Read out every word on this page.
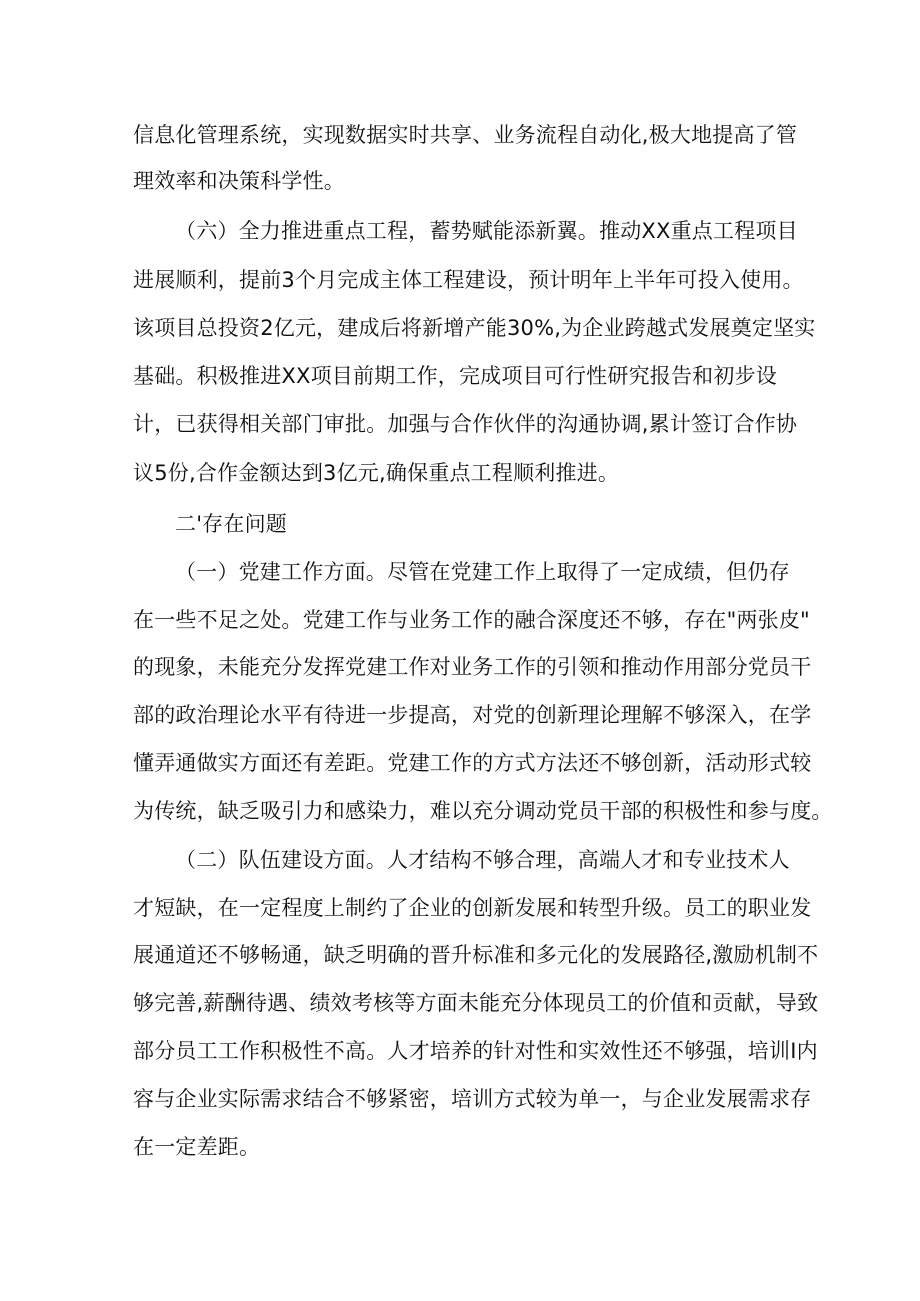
信息化管理系统，实现数据实时共享、业务流程自动化,极大地提高了管
理效率和决策科学性。
（六）全力推进重点工程，蓄势赋能添新翼。推动XX重点工程项目
进展顺利，提前3个月完成主体工程建设，预计明年上半年可投入使用。
该项目总投资2亿元，建成后将新增产能30%,为企业跨越式发展奠定坚实
基础。积极推进XX项目前期工作，完成项目可行性研究报告和初步设
计，已获得相关部门审批。加强与合作伙伴的沟通协调,累计签订合作协
议5份,合作金额达到3亿元,确保重点工程顺利推进。
二'存在问题
（一）党建工作方面。尽管在党建工作上取得了一定成绩，但仍存
在一些不足之处。党建工作与业务工作的融合深度还不够，存在"两张皮"
的现象，未能充分发挥党建工作对业务工作的引领和推动作用部分党员干
部的政治理论水平有待进一步提高，对党的创新理论理解不够深入，在学
懂弄通做实方面还有差距。党建工作的方式方法还不够创新，活动形式较
为传统，缺乏吸引力和感染力，难以充分调动党员干部的积极性和参与度。
（二）队伍建设方面。人才结构不够合理，高端人才和专业技术人
才短缺，在一定程度上制约了企业的创新发展和转型升级。员工的职业发
展通道还不够畅通，缺乏明确的晋升标准和多元化的发展路径,激励机制不
够完善,薪酬待遇、绩效考核等方面未能充分体现员工的价值和贡献，导致
部分员工工作积极性不高。人才培养的针对性和实效性还不够强，培训I内
容与企业实际需求结合不够紧密，培训方式较为单一，与企业发展需求存
在一定差距。
